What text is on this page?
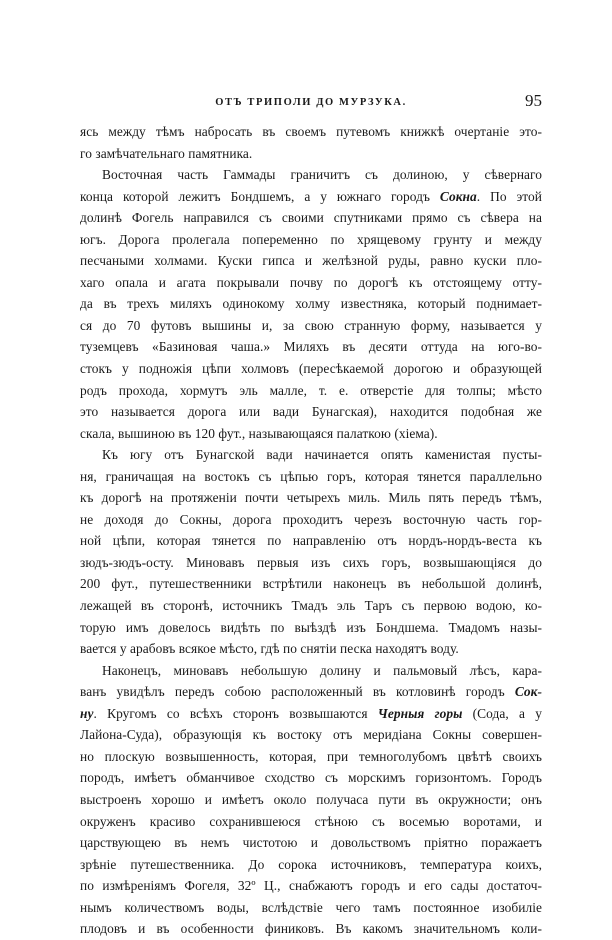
ОТЪ ТРИПОЛИ ДО МУРЗУКА.	95
ясь между тѣмъ набросать въ своемъ путевомъ книжкѣ очертаніе это-
го замѣчательнаго памятника.
Восточная часть Гаммады граничитъ съ долиною, у сѣвернаго
конца которой лежитъ Бондшемъ, а у южнаго городъ Сокна. По этой
долинѣ Фогель направился съ своими спутниками прямо съ сѣвера на
югъ. Дорога пролегала попеременно по хрящевому грунту и между
песчаными холмами. Куски гипса и желѣзной руды, равно куски пло-
хаго опала и агата покрывали почву по дорогѣ къ отстоящему отту-
да въ трехъ миляхъ одинокому холму известняка, который поднимает-
ся до 70 футовъ вышины и, за свою странную форму, называется у
туземцевъ «Базиновая чаша.» Миляхъ въ десяти оттуда на юго-во-
стокъ у подножія цѣпи холмовъ (пересѣкаемой дорогою и образующей
родъ прохода, хормутъ эль малле, т. е. отверстіе для толпы; мѣсто
это называется дорога или вади Бунагская), находится подобная же
скала, вышиною въ 120 фут., называющаяся палаткою (хіема).
Къ югу отъ Бунагской вади начинается опять каменистая пусты-
ня, граничащая на востокъ съ цѣпью горъ, которая тянется параллельно
къ дорогѣ на протяженіи почти четырехъ миль. Миль пять передъ тѣмъ,
не доходя до Сокны, дорога проходитъ черезъ восточную часть гор-
ной цѣпи, которая тянется по направленію отъ нордъ-нордъ-веста къ
зюдъ-зюдъ-осту. Миновавъ первыя изъ сихъ горъ, возвышающіяся до
200 фут., путешественники встрѣтили наконецъ въ небольшой долинѣ,
лежащей въ сторонѣ, источникъ Тмадъ эль Таръ съ первою водою, ко-
торую имъ довелось видѣть по выѣздѣ изъ Бондшема. Тмадомъ назы-
вается у арабовъ всякое мѣсто, гдѣ по снятіи песка находятъ воду.
Наконецъ, миновавъ небольшую долину и пальмовый лѣсъ, кара-
ванъ увидѣлъ передъ собою расположенный въ котловинѣ городъ Сок-
ну. Кругомъ со всѣхъ сторонъ возвышаются Черныя горы (Сода, а у
Лайона-Суда), образующія къ востоку отъ меридіана Сокны совершен-
но плоскую возвышенность, которая, при темноголубомъ цвѣтѣ своихъ
породъ, имѣетъ обманчивое сходство съ морскимъ горизонтомъ. Городъ
выстроенъ хорошо и имѣетъ около получаса пути въ окружности; онъ
окруженъ красиво сохранившеюся стѣною съ восемью воротами, и
царствующею въ немъ чистотою и довольствомъ пріятно поражаетъ
зрѣніе путешественника. До сорока источниковъ, температура коихъ,
по измѣреніямъ Фогеля, 32º Ц., снабжаютъ городъ и его сады достаточ-
нымъ количествомъ воды, вслѣдствіе чего тамъ постоянное изобиліе
плодовъ и въ особенности финиковъ. Въ какомъ значительномъ коли-
